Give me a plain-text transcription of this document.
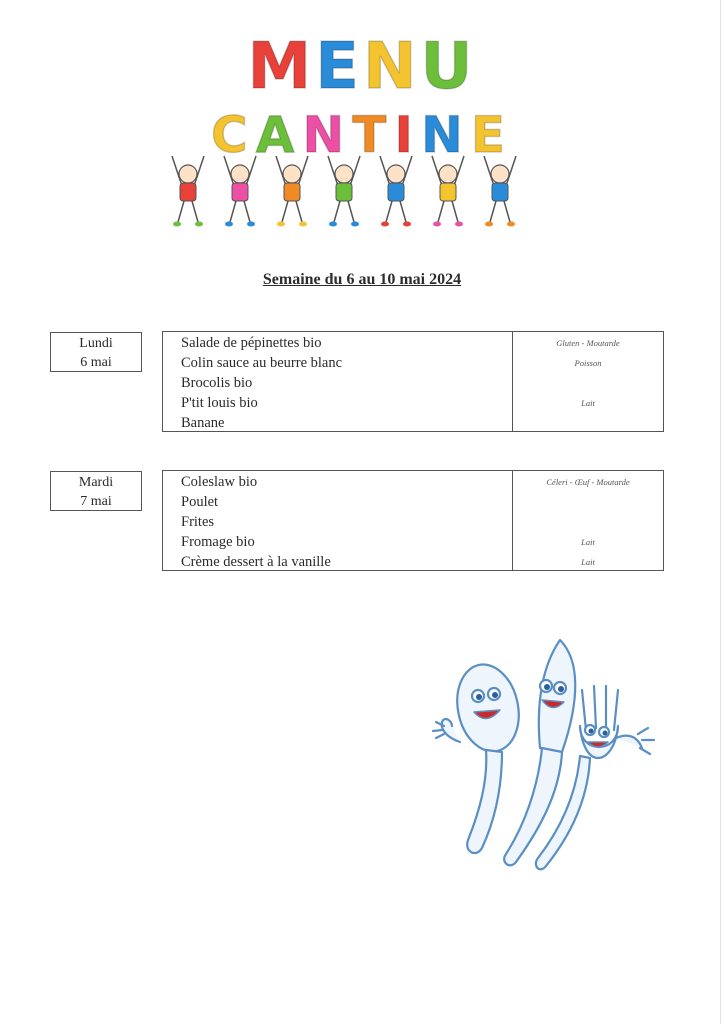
MENU
CANTINE
Semaine du 6 au 10 mai 2024
Lundi
6 mai
Salade de pépinettes bio	Gluten - Moutarde
Colin sauce au beurre blanc	Poisson
Brocolis bio
P'tit louis bio	Lait
Banane
Mardi
7 mai
Coleslaw bio	Céleri - Œuf - Moutarde
Poulet
Frites
Fromage bio	Lait
Crème dessert à la vanille	Lait
